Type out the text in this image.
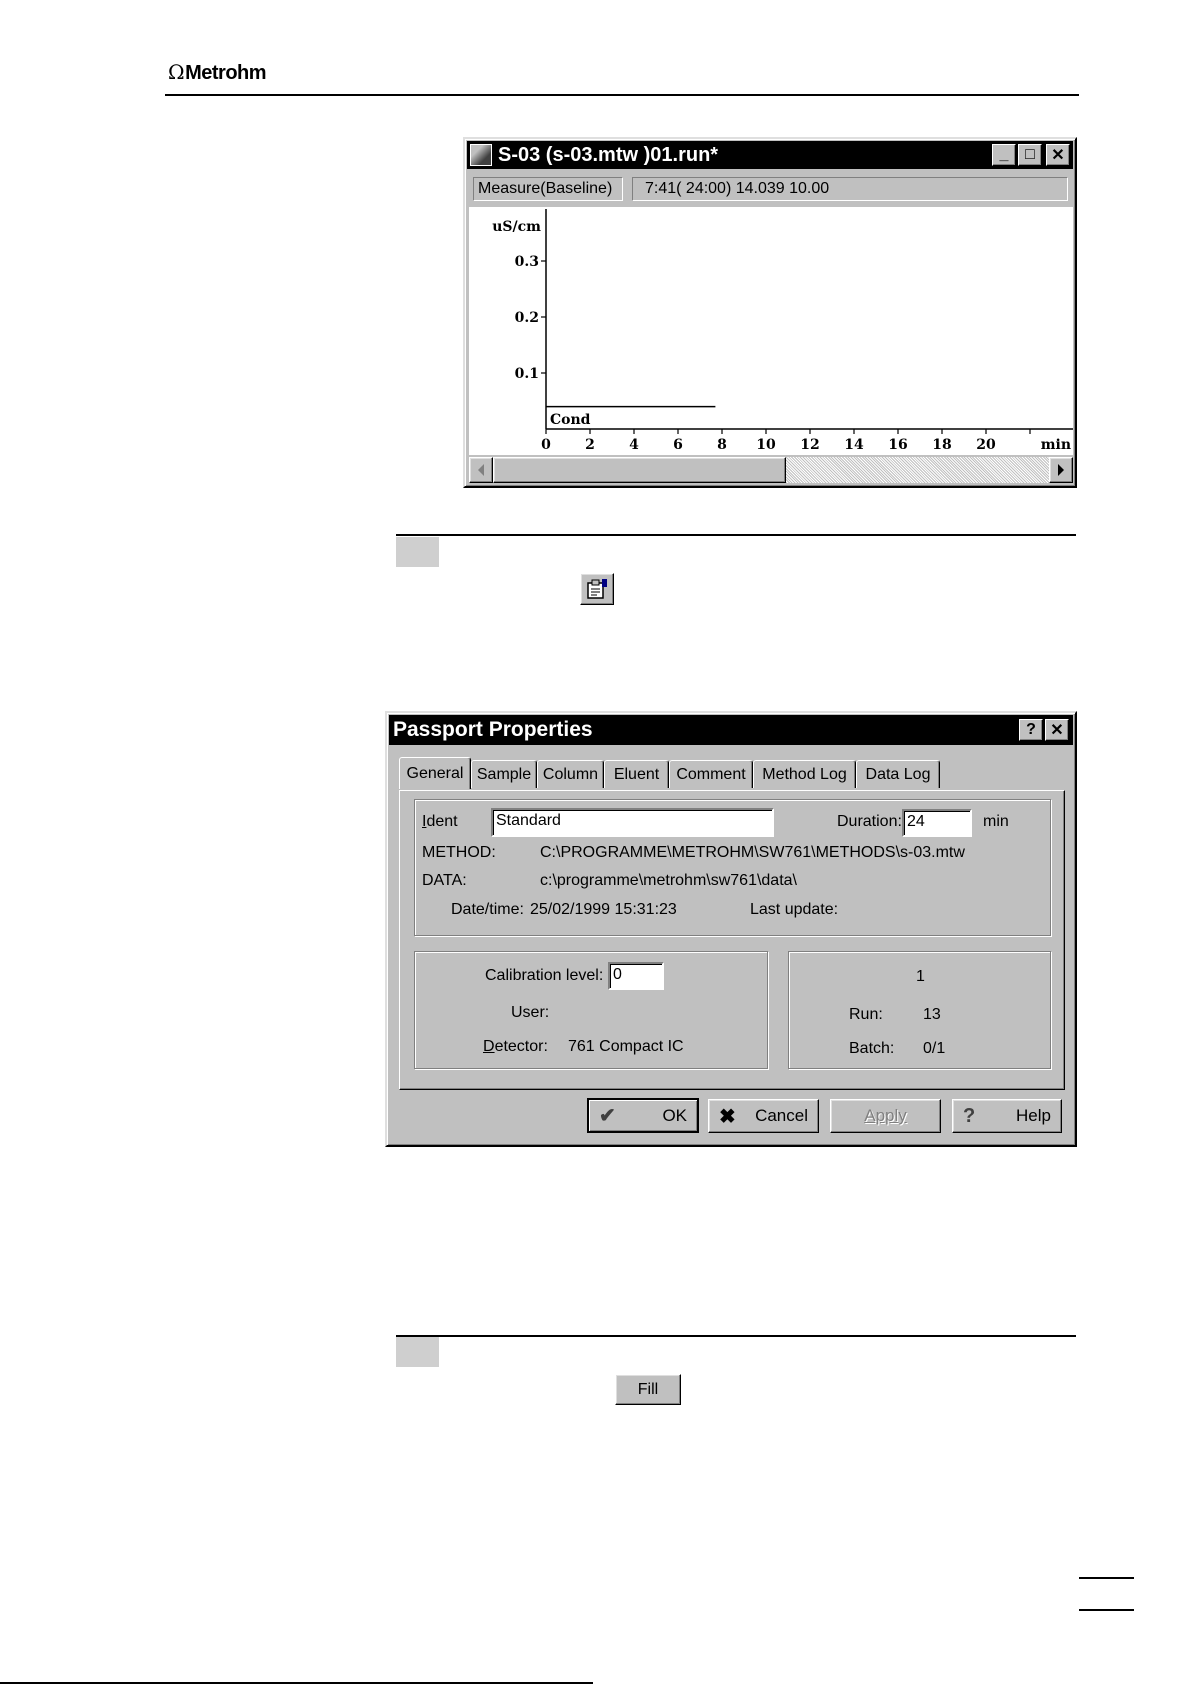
ΩMetrohm
S-03 (s-03.mtw )01.run*	_	□	✕
Measure(Baseline)	7:41( 24:00) 14.039 10.00
0.1
0.2
0.3
0 2 4 6 8 10 12 14 16 18 20	min
uS/cm
Cond
Passport Properties	? ✕
General Sample Column Eluent	Comment	Method Log	Data Log
Ident	Standard	Duration: 24	min
METHOD:	C:\PROGRAMME\METROHM\SW761\METHODS\s-03.mtw
DATA:	c:\programme\metrohm\sw761\data\
Date/time: 25/02/1999 15:31:23	Last update:
Calibration level: 0
User:
Detector: 761 Compact IC
1
Run:	13
Batch: 0/1
✔	OK ✖ Cancel	Apply	? Help
Fill
